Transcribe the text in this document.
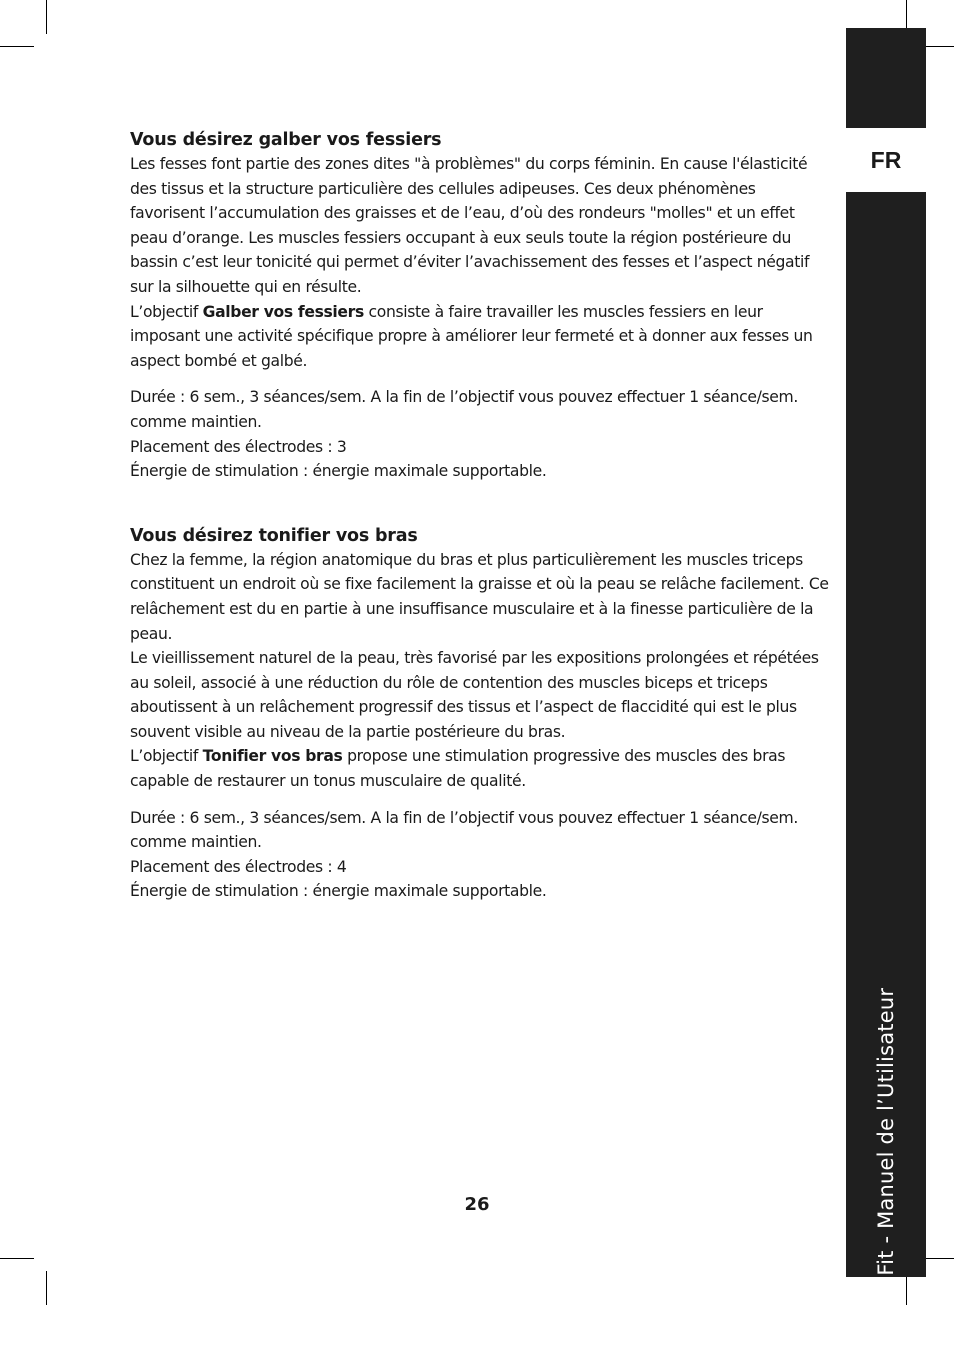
FR
Compex Fit - Manuel de l’Utilisateur
Vous désirez galber vos fessiers

Les fesses font partie des zones dites "à problèmes" du corps féminin. En cause l'élasticité des tissus et la structure particulière des cellules adipeuses. Ces deux phénomènes favorisent l’accumulation des graisses et de l’eau, d’où des rondeurs "molles" et un effet peau d’orange. Les muscles fessiers occupant à eux seuls toute la région postérieure du bassin c’est leur tonicité qui permet d’éviter l’avachissement des fesses et l’aspect négatif sur la silhouette qui en résulte.

L’objectif Galber vos fessiers consiste à faire travailler les muscles fessiers en leur imposant une activité spécifique propre à améliorer leur fermeté et à donner aux fesses un aspect bombé et galbé.

Durée : 6 sem., 3 séances/sem. A la fin de l’objectif vous pouvez effectuer 1 séance/sem. comme maintien.

Placement des électrodes : 3

Énergie de stimulation : énergie maximale supportable.

Vous désirez tonifier vos bras

Chez la femme, la région anatomique du bras et plus particulièrement les muscles triceps constituent un endroit où se fixe facilement la graisse et où la peau se relâche facilement. Ce relâchement est du en partie à une insuffisance musculaire et à la finesse particulière de la peau.

Le vieillissement naturel de la peau, très favorisé par les expositions prolongées et répétées au soleil, associé à une réduction du rôle de contention des muscles biceps et triceps aboutissent à un relâchement progressif des tissus et l’aspect de flaccidité qui est le plus souvent visible au niveau de la partie postérieure du bras.

L’objectif Tonifier vos bras propose une stimulation progressive des muscles des bras capable de restaurer un tonus musculaire de qualité.

Durée : 6 sem., 3 séances/sem. A la fin de l’objectif vous pouvez effectuer 1 séance/sem. comme maintien.

Placement des électrodes : 4

Énergie de stimulation : énergie maximale supportable.

26
